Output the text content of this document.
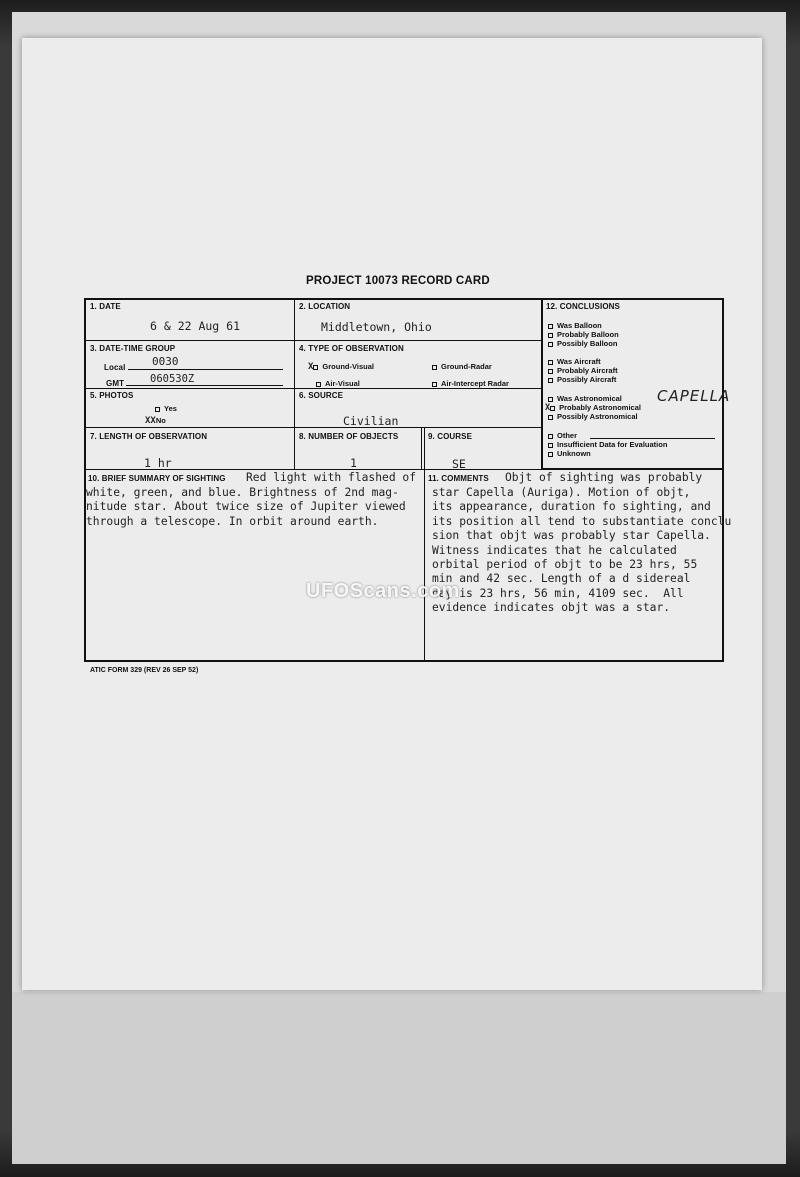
PROJECT 10073 RECORD CARD
1. DATE
6 & 22 Aug 61
2. LOCATION
Middletown, Ohio
3. DATE-TIME GROUP
Local 0030
GMT 060530Z
4. TYPE OF OBSERVATION
X Ground-Visual	Ground-Radar
Air-Visual	Air-Intercept Radar
5. PHOTOS
Yes
XXNo
6. SOURCE
Civilian
7. LENGTH OF OBSERVATION
1 hr
8. NUMBER OF OBJECTS
1
9. COURSE
SE
12. CONCLUSIONS
Was Balloon
Probably Balloon
Possibly Balloon
Was Aircraft
Probably Aircraft
Possibly Aircraft
Was Astronomical CAPELLA
X Probably Astronomical
Possibly Astronomical
Other
Insufficient Data for Evaluation
Unknown
10. BRIEF SUMMARY OF SIGHTING Red light with flashed of
white, green, and blue. Brightness of 2nd mag-
nitude star. About twice size of Jupiter viewed
through a telescope. In orbit around earth.
11. COMMENTS Objt of sighting was probably
star Capella (Auriga). Motion of objt,
its appearance, duration fo sighting, and
its position all tend to substantiate conclu
sion that objt was probably star Capella.
Witness indicates that he calculated
orbital period of objt to be 23 hrs, 55
min and 42 sec. Length of a d sidereal
day is 23 hrs, 56 min, 4109 sec.  All
evidence indicates objt was a star.
UFOScans.com
ATIC FORM 329 (REV 26 SEP 52)
